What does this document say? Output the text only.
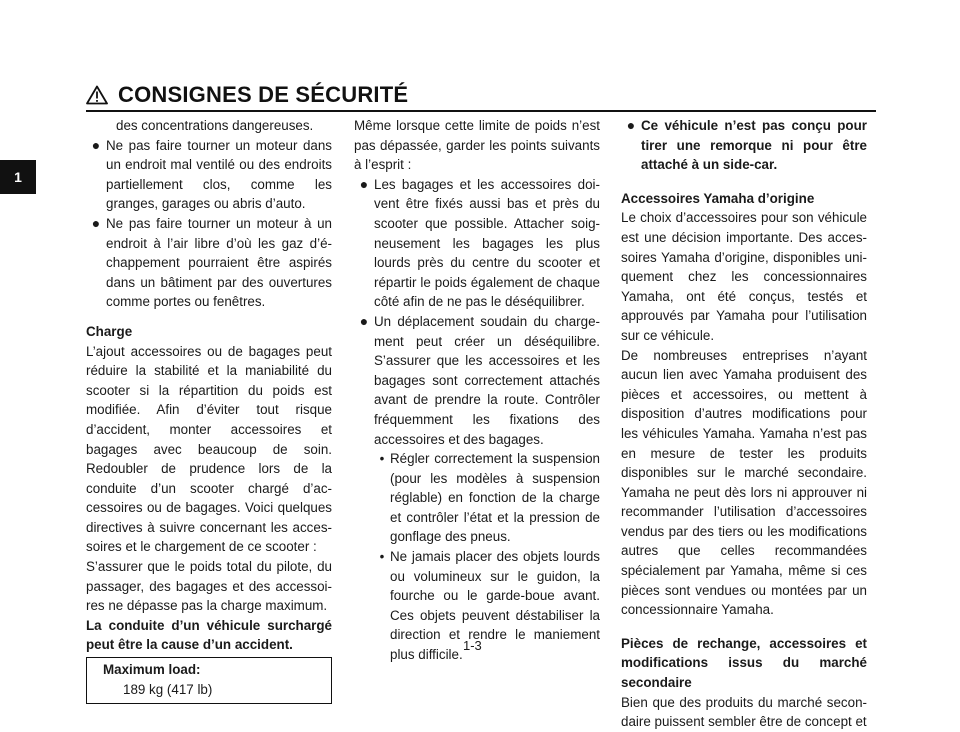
CONSIGNES DE SÉCURITÉ
1

des concentrations dangereuses.

● Ne pas faire tourner un moteur dans un endroit mal ventilé ou des endroits partiellement clos, comme les granges, garages ou abris d’auto.
● Ne pas faire tourner un moteur à un endroit à l’air libre d’où les gaz d’échappement pourraient être aspirés dans un bâtiment par des ouvertures comme portes ou fenêtres.

Charge

L’ajout accessoires ou de bagages peut réduire la stabilité et la maniabilité du scooter si la répartition du poids est modifiée. Afin d’éviter tout risque d’accident, monter accessoires et bagages avec beaucoup de soin. Redoubler de prudence lors de la conduite d’un scooter chargé d’accessoires ou de bagages. Voici quelques directives à suivre concernant les accessoires et le chargement de ce scooter :

S’assurer que le poids total du pilote, du passager, des bagages et des accessoires ne dépasse pas la charge maximum.

La conduite d’un véhicule surchargé peut être la cause d’un accident.

Maximum load:
189 kg (417 lb)

Même lorsque cette limite de poids n’est pas dépassée, garder les points suivants à l’esprit :

● Les bagages et les accessoires doivent être fixés aussi bas et près du scooter que possible. Attacher soigneusement les bagages les plus lourds près du centre du scooter et répartir le poids également de chaque côté afin de ne pas le déséquilibrer.
● Un déplacement soudain du chargement peut créer un déséquilibre. S’assurer que les accessoires et les bagages sont correctement attachés avant de prendre la route. Contrôler fréquemment les fixations des accessoires et des bagages.
• Régler correctement la suspension (pour les modèles à suspension réglable) en fonction de la charge et contrôler l’état et la pression de gonflage des pneus.
• Ne jamais placer des objets lourds ou volumineux sur le guidon, la fourche ou le garde-boue avant. Ces objets peuvent déstabiliser la direction et rendre le maniement plus difficile.
● Ce véhicule n’est pas conçu pour tirer une remorque ni pour être attaché à un side-car.

Accessoires Yamaha d’origine

Le choix d’accessoires pour son véhicule est une décision importante. Des accessoires Yamaha d’origine, disponibles uniquement chez les concessionnaires Yamaha, ont été conçus, testés et approuvés par Yamaha pour l’utilisation sur ce véhicule.

De nombreuses entreprises n’ayant aucun lien avec Yamaha produisent des pièces et accessoires, ou mettent à disposition d’autres modifications pour les véhicules Yamaha. Yamaha n’est pas en mesure de tester les produits disponibles sur le marché secondaire. Yamaha ne peut dès lors ni approuver ni recommander l’utilisation d’accessoires vendus par des tiers ou les modifications autres que celles recommandées spécialement par Yamaha, même si ces pièces sont vendues ou montées par un concessionnaire Yamaha.

Pièces de rechange, accessoires et modifications issus du marché secondaire

Bien que des produits du marché secondaire puissent sembler être de concept et

1-3
